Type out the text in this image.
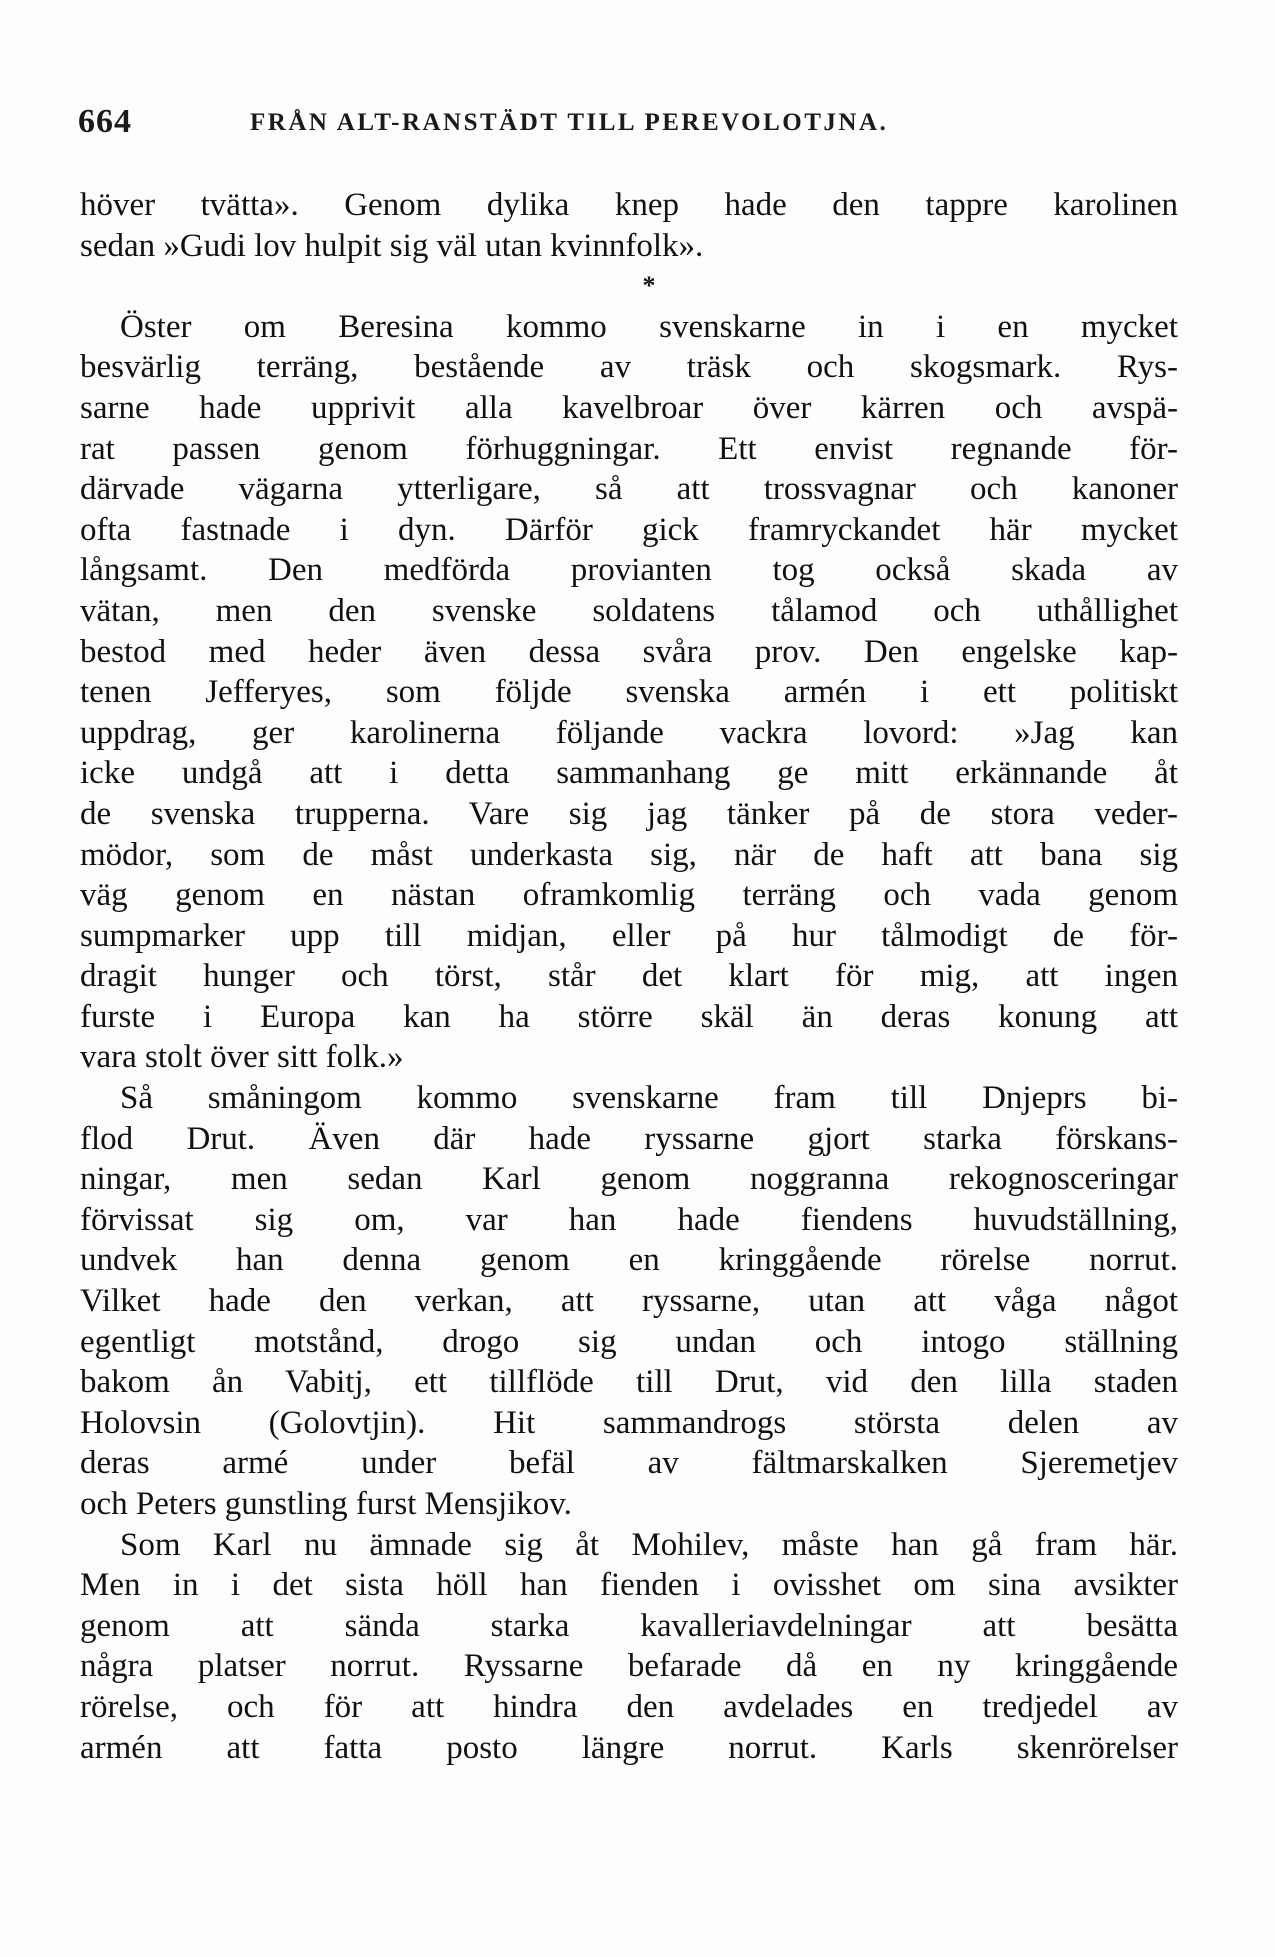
664	FRÅN ALT-RANSTÄDT TILL PEREVOLOTJNA.
höver tvätta». Genom dylika knep hade den tappre karolinen
sedan »Gudi lov hulpit sig väl utan kvinnfolk».
*
Öster om Beresina kommo svenskarne in i en mycket
besvärlig terräng, bestående av träsk och skogsmark. Rys-
sarne hade upprivit alla kavelbroar över kärren och avspä-
rat passen genom förhuggningar. Ett envist regnande för-
därvade vägarna ytterligare, så att trossvagnar och kanoner
ofta fastnade i dyn. Därför gick framryckandet här mycket
långsamt. Den medförda provianten tog också skada av
vätan, men den svenske soldatens tålamod och uthållighet
bestod med heder även dessa svåra prov. Den engelske kap-
tenen Jefferyes, som följde svenska armén i ett politiskt
uppdrag, ger karolinerna följande vackra lovord: »Jag kan
icke undgå att i detta sammanhang ge mitt erkännande åt
de svenska trupperna. Vare sig jag tänker på de stora veder-
mödor, som de måst underkasta sig, när de haft att bana sig
väg genom en nästan oframkomlig terräng och vada genom
sumpmarker upp till midjan, eller på hur tålmodigt de för-
dragit hunger och törst, står det klart för mig, att ingen
furste i Europa kan ha större skäl än deras konung att
vara stolt över sitt folk.»
Så småningom kommo svenskarne fram till Dnjeprs bi-
flod Drut. Även där hade ryssarne gjort starka förskans-
ningar, men sedan Karl genom noggranna rekognosceringar
förvissat sig om, var han hade fiendens huvudställning,
undvek han denna genom en kringgående rörelse norrut.
Vilket hade den verkan, att ryssarne, utan att våga något
egentligt motstånd, drogo sig undan och intogo ställning
bakom ån Vabitj, ett tillflöde till Drut, vid den lilla staden
Holovsin (Golovtjin). Hit sammandrogs största delen av
deras armé under befäl av fältmarskalken Sjeremetjev
och Peters gunstling furst Mensjikov.
Som Karl nu ämnade sig åt Mohilev, måste han gå fram här.
Men in i det sista höll han fienden i ovisshet om sina avsikter
genom att sända starka kavalleriavdelningar att besätta
några platser norrut. Ryssarne befarade då en ny kringgående
rörelse, och för att hindra den avdelades en tredjedel av
armén att fatta posto längre norrut. Karls skenrörelser
